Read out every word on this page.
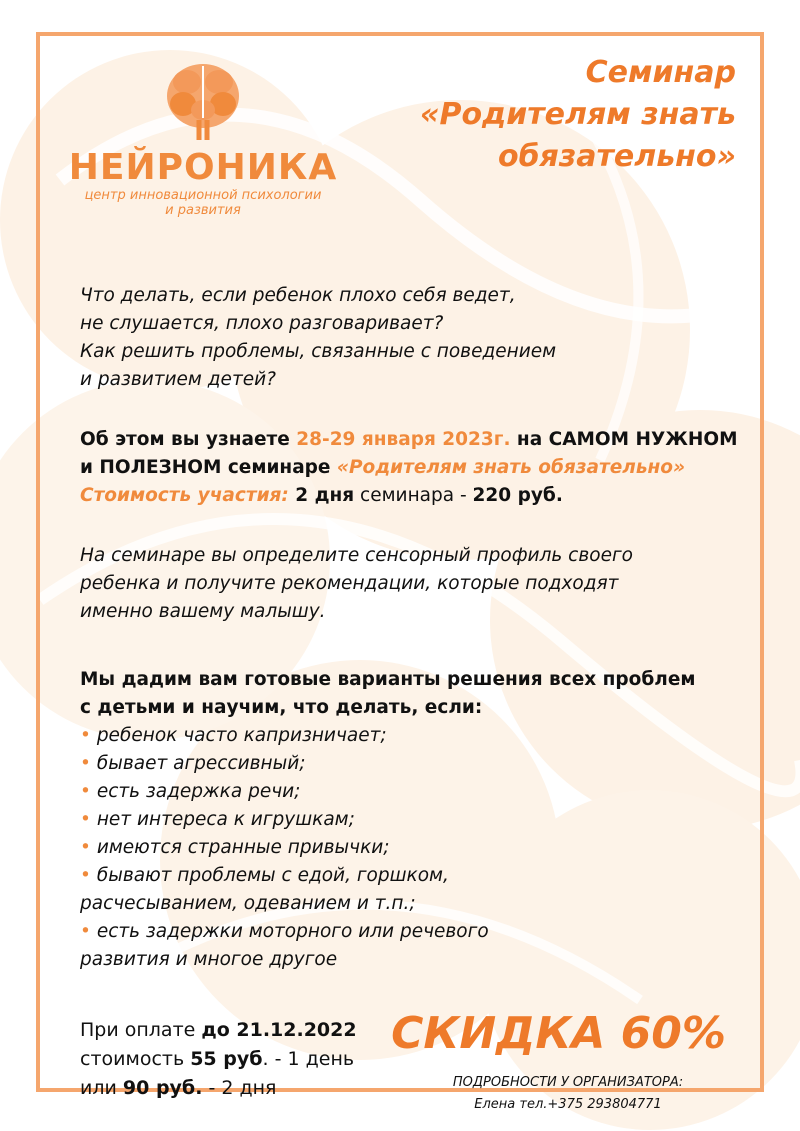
НЕЙРОНИКА
центр инновационной психологии
и развития
Семинар
«Родителям знать
обязательно»
Что делать, если ребенок плохо себя ведет,
не слушается, плохо разговаривает?
Как решить проблемы, связанные с поведением
и развитием детей?
Об этом вы узнаете 28-29 января 2023г. на САМОМ НУЖНОМ
и ПОЛЕЗНОМ семинаре «Родителям знать обязательно»
Стоимость участия: 2 дня семинара - 220 руб.
На семинаре вы определите сенсорный профиль своего
ребенка и получите рекомендации, которые подходят
именно вашему малышу.
Мы дадим вам готовые варианты решения всех проблем
с детьми и научим, что делать, если:
• ребенок часто капризничает;
• бывает агрессивный;
• есть задержка речи;
• нет интереса к игрушкам;
• имеются странные привычки;
• бывают проблемы с едой, горшком,
расчесыванием, одеванием и т.п.;
• есть задержки моторного или речевого
развития и многое другое
При оплате до 21.12.2022
стоимость 55 руб. - 1 день
или 90 руб. - 2 дня
СКИДКА 60%
ПОДРОБНОСТИ У ОРГАНИЗАТОРА:
Елена тел.+375 293804771
